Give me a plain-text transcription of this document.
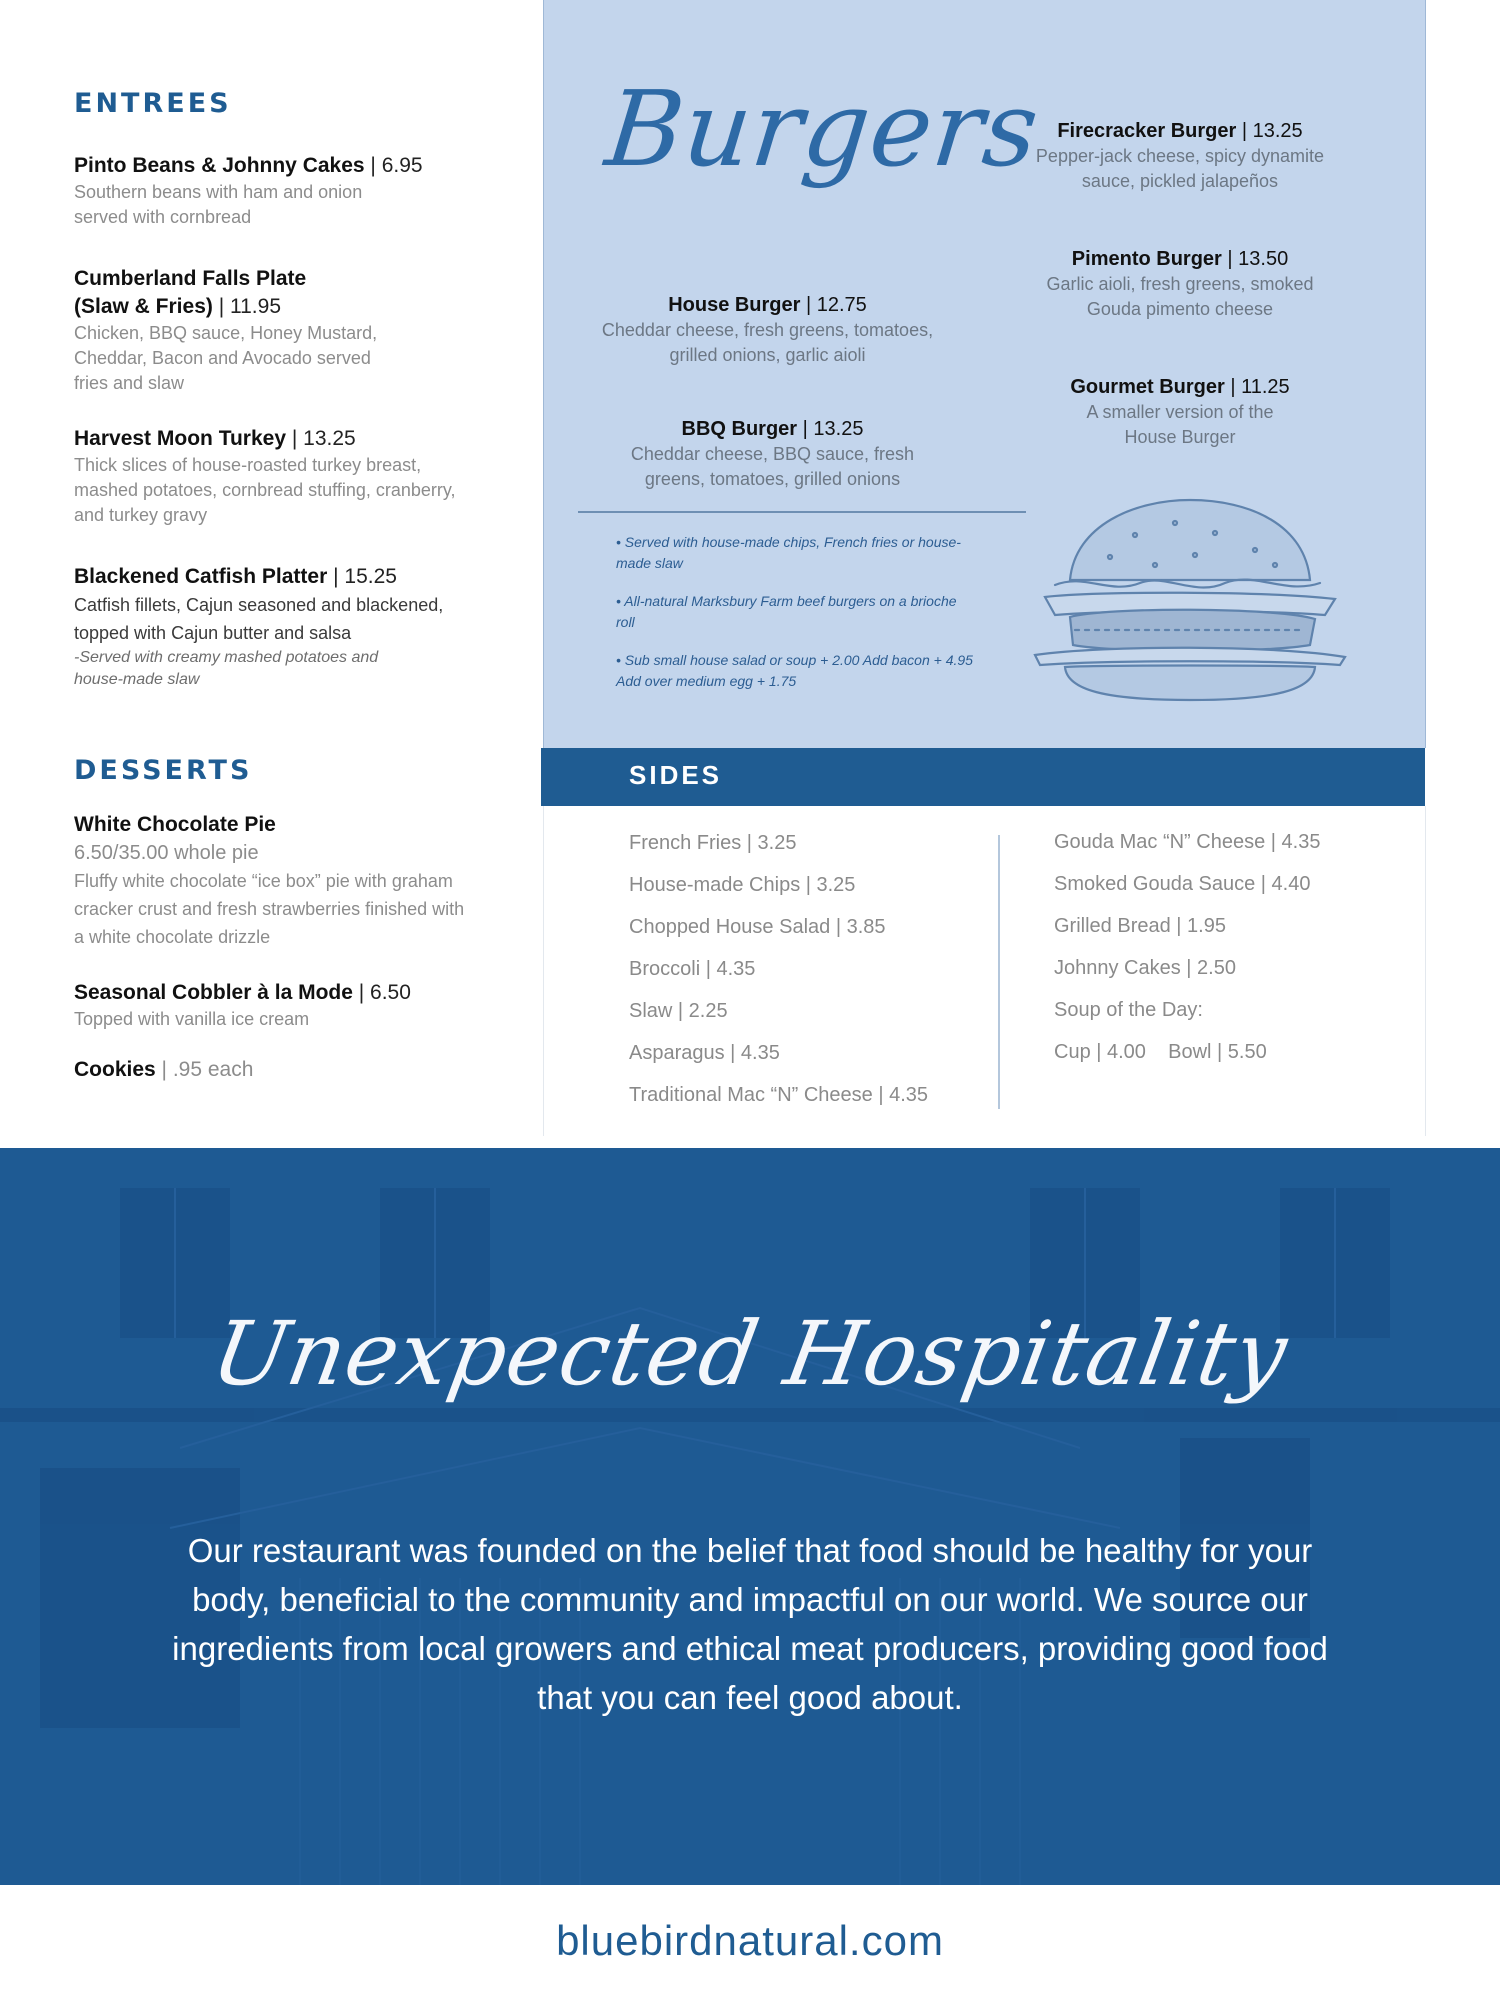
ENTREES
Pinto Beans & Johnny Cakes | 6.95
Southern beans with ham and onion served with cornbread
Cumberland Falls Plate (Slaw & Fries) | 11.95
Chicken, BBQ sauce, Honey Mustard, Cheddar, Bacon and Avocado served fries and slaw
Harvest Moon Turkey | 13.25
Thick slices of house-roasted turkey breast, mashed potatoes, cornbread stuffing, cranberry, and turkey gravy
Blackened Catfish Platter | 15.25
Catfish fillets, Cajun seasoned and blackened, topped with Cajun butter and salsa
-Served with creamy mashed potatoes and house-made slaw
DESSERTS
White Chocolate Pie
6.50/35.00 whole pie
Fluffy white chocolate “ice box” pie with graham cracker crust and fresh strawberries finished with a white chocolate drizzle
Seasonal Cobbler à la Mode | 6.50
Topped with vanilla ice cream
Cookies | .95 each
Burgers
House Burger | 12.75
Cheddar cheese, fresh greens, tomatoes, grilled onions, garlic aioli
BBQ Burger | 13.25
Cheddar cheese, BBQ sauce, fresh greens, tomatoes, grilled onions
Firecracker Burger | 13.25
Pepper-jack cheese, spicy dynamite sauce, pickled jalapeños
Pimento Burger | 13.50
Garlic aioli, fresh greens, smoked Gouda pimento cheese
Gourmet Burger | 11.25
A smaller version of the House Burger

• Served with house-made chips, French fries or house-made slaw

• All-natural Marksbury Farm beef burgers on a brioche roll

• Sub small house salad or soup + 2.00 Add bacon + 4.95 Add over medium egg + 1.75

SIDES
French Fries | 3.25
House-made Chips | 3.25
Chopped House Salad | 3.85
Broccoli | 4.35
Slaw | 2.25
Asparagus | 4.35
Traditional Mac “N” Cheese | 4.35
Gouda Mac “N” Cheese | 4.35
Smoked Gouda Sauce | 4.40
Grilled Bread | 1.95
Johnny Cakes | 2.50
Soup of the Day:
Cup | 4.00    Bowl | 5.50
Unexpected Hospitality
Our restaurant was founded on the belief that food should be healthy for your body, beneficial to the community and impactful on our world. We source our ingredients from local growers and ethical meat producers, providing good food that you can feel good about.
bluebirdnatural.com
